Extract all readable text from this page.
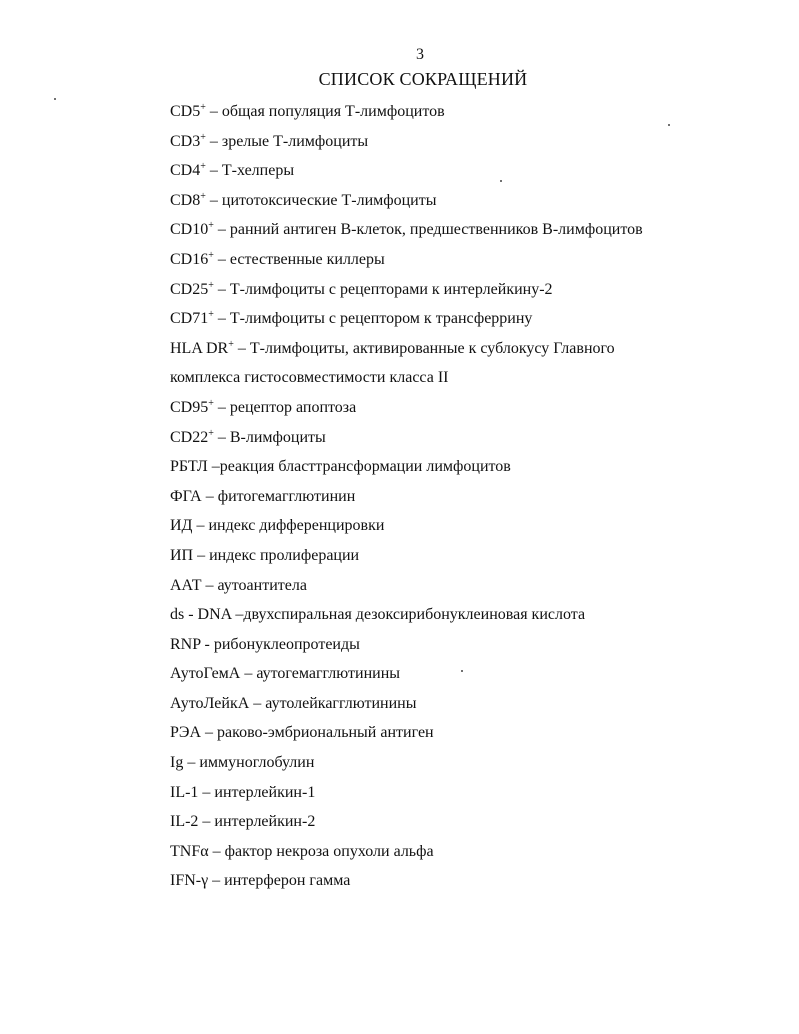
3
СПИСОК СОКРАЩЕНИЙ
CD5+ – общая популяция Т-лимфоцитов
CD3+ – зрелые Т-лимфоциты
CD4+ – Т-хелперы
CD8+ – цитотоксические Т-лимфоциты
CD10+ – ранний антиген В-клеток, предшественников В-лимфоцитов
CD16+ – естественные киллеры
CD25+ – Т-лимфоциты с рецепторами к интерлейкину-2
CD71+ – Т-лимфоциты с рецептором к трансферрину
HLA DR+ – Т-лимфоциты, активированные к сублокусу Главного
комплекса гистосовместимости класса II
CD95+ – рецептор апоптоза
CD22+ – В-лимфоциты
РБТЛ –реакция бласттрансформации лимфоцитов
ФГА – фитогемагглютинин
ИД – индекс дифференцировки
ИП – индекс пролиферации
ААТ – аутоантитела
ds - DNA –двухспиральная дезоксирибонуклеиновая кислота
RNP - рибонуклеопротеиды
АутоГемА – аутогемагглютинины
АутоЛейкА – аутолейкагглютинины
РЭА – раково-эмбриональный антиген
Ig – иммуноглобулин
IL-1 – интерлейкин-1
IL-2 – интерлейкин-2
TNFα – фактор некроза опухоли альфа
IFN-γ – интерферон гамма
